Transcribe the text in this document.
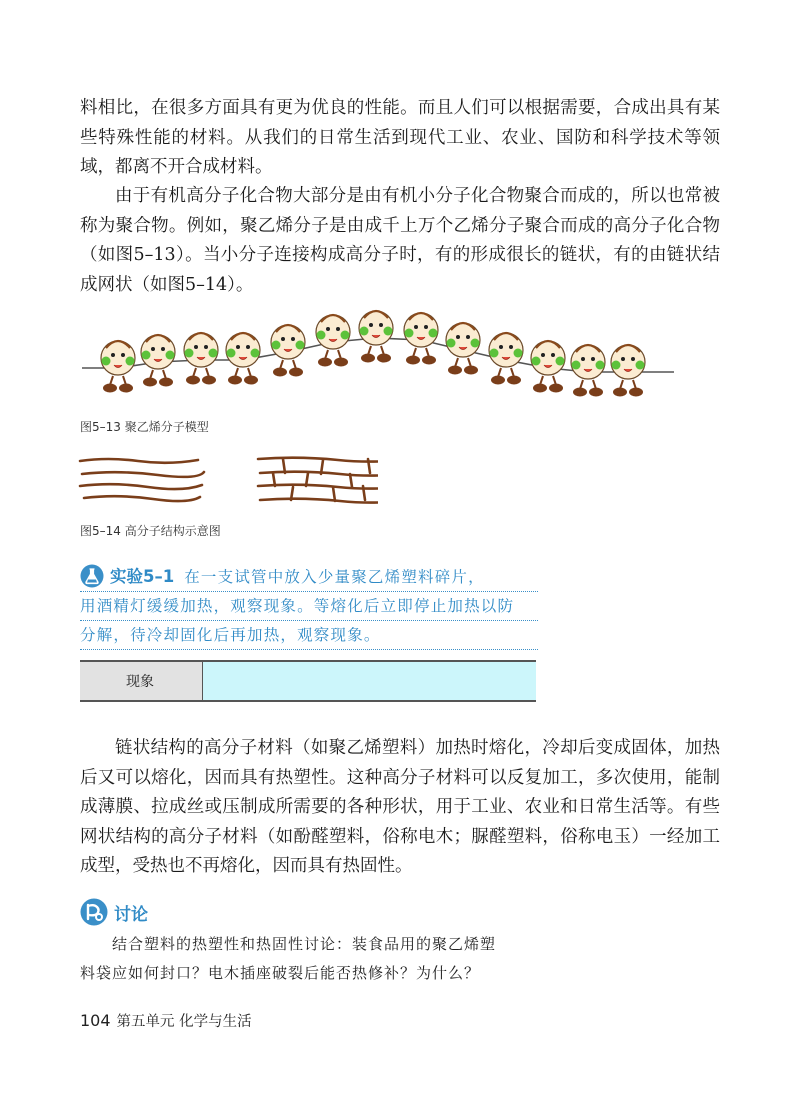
料相比，在很多方面具有更为优良的性能。而且人们可以根据需要，合成出具有某些特殊性能的材料。从我们的日常生活到现代工业、农业、国防和科学技术等领域，都离不开合成材料。

由于有机高分子化合物大部分是由有机小分子化合物聚合而成的，所以也常被称为聚合物。例如，聚乙烯分子是由成千上万个乙烯分子聚合而成的高分子化合物（如图5–13）。当小分子连接构成高分子时，有的形成很长的链状，有的由链状结成网状（如图5–14）。

图5–13 聚乙烯分子模型
图5–14 高分子结构示意图
实验5–1 在一支试管中放入少量聚乙烯塑料碎片，
用酒精灯缓缓加热，观察现象。等熔化后立即停止加热以防
分解，待冷却固化后再加热，观察现象。
现象	

链状结构的高分子材料（如聚乙烯塑料）加热时熔化，冷却后变成固体，加热后又可以熔化，因而具有热塑性。这种高分子材料可以反复加工，多次使用，能制成薄膜、拉成丝或压制成所需要的各种形状，用于工业、农业和日常生活等。有些网状结构的高分子材料（如酚醛塑料，俗称电木；脲醛塑料，俗称电玉）一经加工成型，受热也不再熔化，因而具有热固性。

讨论

结合塑料的热塑性和热固性讨论：装食品用的聚乙烯塑
料袋应如何封口？电木插座破裂后能否热修补？为什么？

104 第五单元 化学与生活
